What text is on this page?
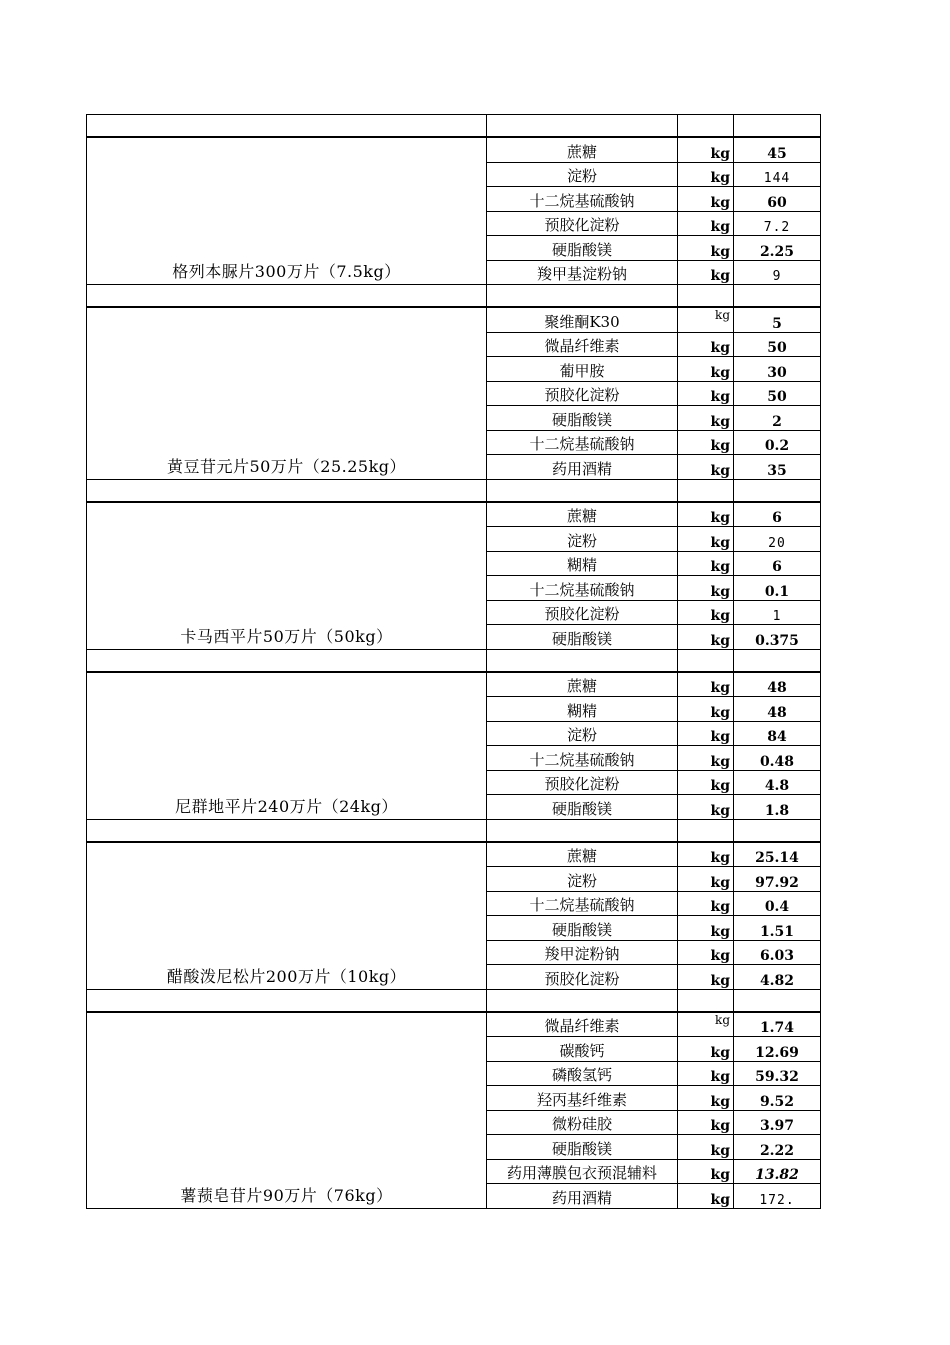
格列本脲片300万片（7.5kg）	蔗糖	kg	45
	淀粉	kg	144
	十二烷基硫酸钠	kg	60
	预胶化淀粉	kg	7.2
	硬脂酸镁	kg	2.25
	羧甲基淀粉钠	kg	9

黄豆苷元片50万片（25.25kg）	聚维酮K30	kg	5
	微晶纤维素	kg	50
	葡甲胺	kg	30
	预胶化淀粉	kg	50
	硬脂酸镁	kg	2
	十二烷基硫酸钠	kg	0.2
	药用酒精	kg	35

卡马西平片50万片（50kg）	蔗糖	kg	6
	淀粉	kg	20
	糊精	kg	6
	十二烷基硫酸钠	kg	0.1
	预胶化淀粉	kg	1
	硬脂酸镁	kg	0.375

尼群地平片240万片（24kg）	蔗糖	kg	48
	糊精	kg	48
	淀粉	kg	84
	十二烷基硫酸钠	kg	0.48
	预胶化淀粉	kg	4.8
	硬脂酸镁	kg	1.8

醋酸泼尼松片200万片（10kg）	蔗糖	kg	25.14
	淀粉	kg	97.92
	十二烷基硫酸钠	kg	0.4
	硬脂酸镁	kg	1.51
	羧甲淀粉钠	kg	6.03
	预胶化淀粉	kg	4.82

薯蓣皂苷片90万片（76kg）	微晶纤维素	kg	1.74
	碳酸钙	kg	12.69
	磷酸氢钙	kg	59.32
	羟丙基纤维素	kg	9.52
	微粉硅胶	kg	3.97
	硬脂酸镁	kg	2.22
	药用薄膜包衣预混辅料	kg	13.82
	药用酒精	kg	172.
